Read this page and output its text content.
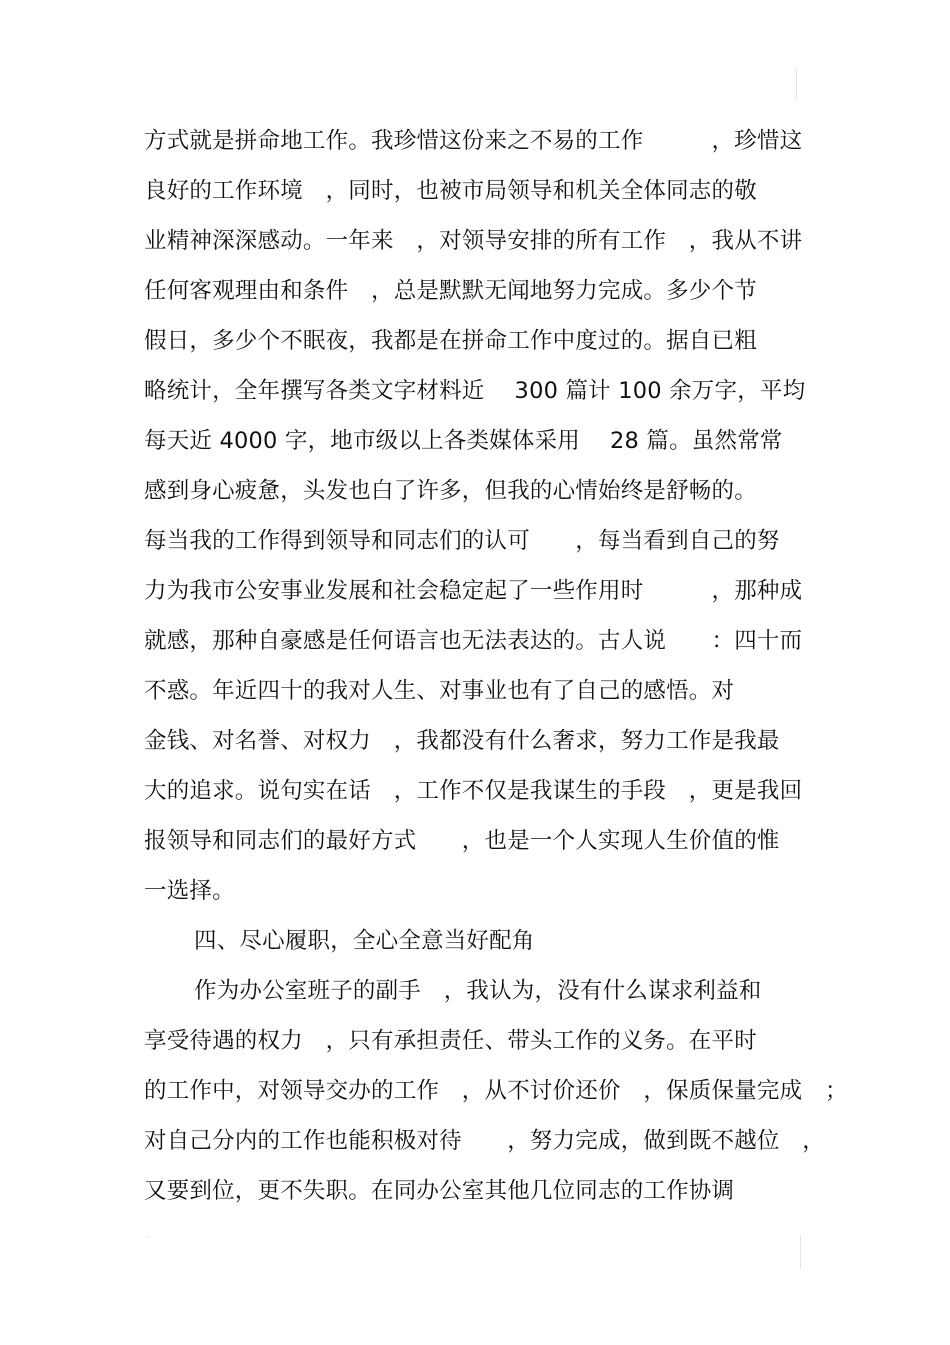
方式就是拼命地工作。我珍惜这份来之不易的工作　　　，珍惜这
良好的工作环境　，同时，也被市局领导和机关全体同志的敬
业精神深深感动。一年来　，对领导安排的所有工作　，我从不讲
任何客观理由和条件　，总是默默无闻地努力完成。多少个节
假日，多少个不眠夜，我都是在拼命工作中度过的。据自已粗
略统计，全年撰写各类文字材料近　 300 篇计 100 余万字，平均
每天近 4000 字，地市级以上各类媒体采用　 28 篇。虽然常常
感到身心疲惫，头发也白了许多，但我的心情始终是舒畅的。
每当我的工作得到领导和同志们的认可　　，每当看到自己的努
力为我市公安事业发展和社会稳定起了一些作用时　　　，那种成
就感，那种自豪感是任何语言也无法表达的。古人说　　：四十而
不惑。年近四十的我对人生、对事业也有了自己的感悟。对
金钱、对名誉、对权力　，我都没有什么奢求，努力工作是我最
大的追求。说句实在话　，工作不仅是我谋生的手段　，更是我回
报领导和同志们的最好方式　　，也是一个人实现人生价值的惟
一选择。
四、尽心履职，全心全意当好配角
作为办公室班子的副手　，我认为，没有什么谋求利益和
享受待遇的权力　，只有承担责任、带头工作的义务。在平时
的工作中，对领导交办的工作　，从不讨价还价　，保质保量完成　；
对自己分内的工作也能积极对待　　，努力完成，做到既不越位　，
又要到位，更不失职。在同办公室其他几位同志的工作协调
